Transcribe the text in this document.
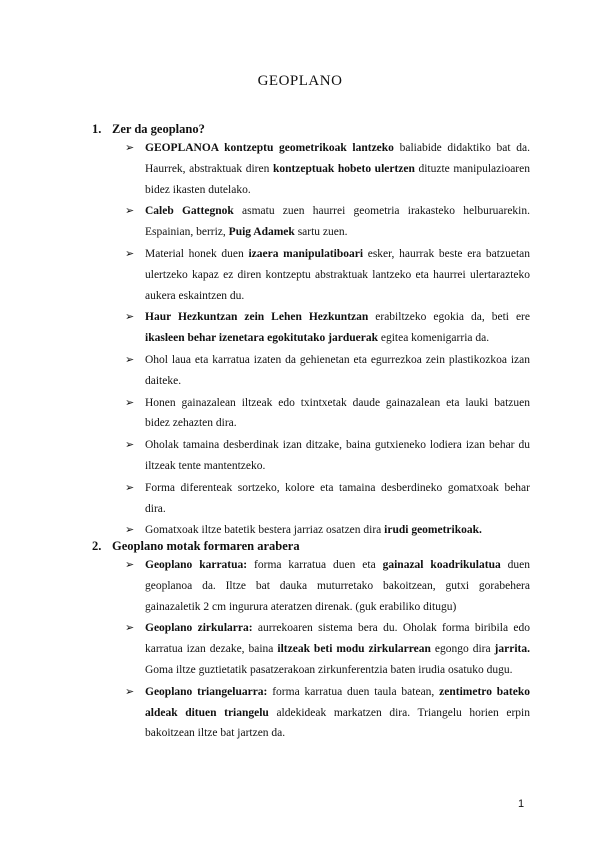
GEOPLANO
1. Zer da geoplano?
➢ GEOPLANOA kontzeptu geometrikoak lantzeko baliabide didaktiko bat da. Haurrek, abstraktuak diren kontzeptuak hobeto ulertzen dituzte manipulazioaren bidez ikasten dutelako.
➢ Caleb Gattegnok asmatu zuen haurrei geometria irakasteko helburuarekin. Espainian, berriz, Puig Adamek sartu zuen.
➢ Material honek duen izaera manipulatiboari esker, haurrak beste era batzuetan ulertzeko kapaz ez diren kontzeptu abstraktuak lantzeko eta haurrei ulertarazteko aukera eskaintzen du.
➢ Haur Hezkuntzan zein Lehen Hezkuntzan erabiltzeko egokia da, beti ere ikasleen behar izenetara egokitutako jarduerak egitea komenigarria da.
➢ Ohol laua eta karratua izaten da gehienetan eta egurrezkoa zein plastikozkoa izan daiteke.
➢ Honen gainazalean iltzeak edo txintxetak daude gainazalean eta lauki batzuen bidez zehazten dira.
➢ Oholak tamaina desberdinak izan ditzake, baina gutxieneko lodiera izan behar du iltzeak tente mantentzeko.
➢ Forma diferenteak sortzeko, kolore eta tamaina desberdineko gomatxoak behar dira.
➢ Gomatxoak iltze batetik bestera jarriaz osatzen dira irudi geometrikoak.
2. Geoplano motak formaren arabera
➢ Geoplano karratua: forma karratua duen eta gainazal koadrikulatua duen geoplanoa da. Iltze bat dauka muturretako bakoitzean, gutxi gorabehera gainazaletik 2 cm ingurura ateratzen direnak. (guk erabiliko ditugu)
➢ Geoplano zirkularra: aurrekoaren sistema bera du. Oholak forma biribila edo karratua izan dezake, baina iltzeak beti modu zirkularrean egongo dira jarrita. Goma iltze guztietatik pasatzerakoan zirkunferentzia baten irudia osatuko dugu.
➢ Geoplano triangeluarra: forma karratua duen taula batean, zentimetro bateko aldeak dituen triangelu aldekideak markatzen dira. Triangelu horien erpin bakoitzean iltze bat jartzen da.
1
